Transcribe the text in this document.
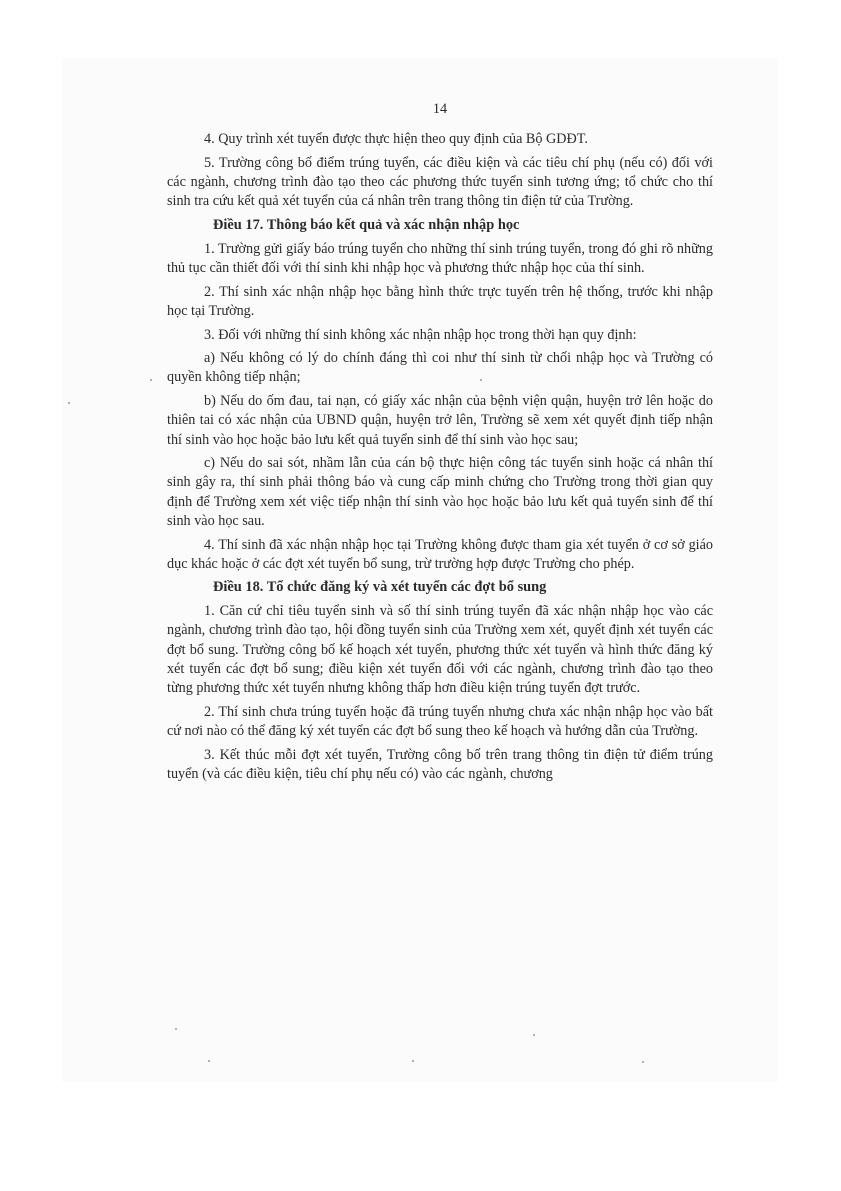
14

4. Quy trình xét tuyển được thực hiện theo quy định của Bộ GDĐT.

5. Trường công bố điểm trúng tuyển, các điều kiện và các tiêu chí phụ (nếu có) đối với các ngành, chương trình đào tạo theo các phương thức tuyển sinh tương ứng; tổ chức cho thí sinh tra cứu kết quả xét tuyển của cá nhân trên trang thông tin điện tử của Trường.

Điều 17. Thông báo kết quả và xác nhận nhập học

1. Trường gửi giấy báo trúng tuyển cho những thí sinh trúng tuyển, trong đó ghi rõ những thủ tục cần thiết đối với thí sinh khi nhập học và phương thức nhập học của thí sinh.

2. Thí sinh xác nhận nhập học bằng hình thức trực tuyến trên hệ thống, trước khi nhập học tại Trường.

3. Đối với những thí sinh không xác nhận nhập học trong thời hạn quy định:

a) Nếu không có lý do chính đáng thì coi như thí sinh từ chối nhập học và Trường có quyền không tiếp nhận;

b) Nếu do ốm đau, tai nạn, có giấy xác nhận của bệnh viện quận, huyện trở lên hoặc do thiên tai có xác nhận của UBND quận, huyện trở lên, Trường sẽ xem xét quyết định tiếp nhận thí sinh vào học hoặc bảo lưu kết quả tuyển sinh để thí sinh vào học sau;

c) Nếu do sai sót, nhầm lẫn của cán bộ thực hiện công tác tuyển sinh hoặc cá nhân thí sinh gây ra, thí sinh phải thông báo và cung cấp minh chứng cho Trường trong thời gian quy định để Trường xem xét việc tiếp nhận thí sinh vào học hoặc bảo lưu kết quả tuyển sinh để thí sinh vào học sau.

4. Thí sinh đã xác nhận nhập học tại Trường không được tham gia xét tuyển ở cơ sở giáo dục khác hoặc ở các đợt xét tuyển bổ sung, trừ trường hợp được Trường cho phép.

Điều 18. Tổ chức đăng ký và xét tuyển các đợt bổ sung

1. Căn cứ chỉ tiêu tuyển sinh và số thí sinh trúng tuyển đã xác nhận nhập học vào các ngành, chương trình đào tạo, hội đồng tuyển sinh của Trường xem xét, quyết định xét tuyển các đợt bổ sung. Trường công bố kế hoạch xét tuyển, phương thức xét tuyển và hình thức đăng ký xét tuyển các đợt bổ sung; điều kiện xét tuyển đối với các ngành, chương trình đào tạo theo từng phương thức xét tuyển nhưng không thấp hơn điều kiện trúng tuyển đợt trước.

2. Thí sinh chưa trúng tuyển hoặc đã trúng tuyển nhưng chưa xác nhận nhập học vào bất cứ nơi nào có thể đăng ký xét tuyển các đợt bổ sung theo kế hoạch và hướng dẫn của Trường.

3. Kết thúc mỗi đợt xét tuyển, Trường công bố trên trang thông tin điện tử điểm trúng tuyển (và các điều kiện, tiêu chí phụ nếu có) vào các ngành, chương
